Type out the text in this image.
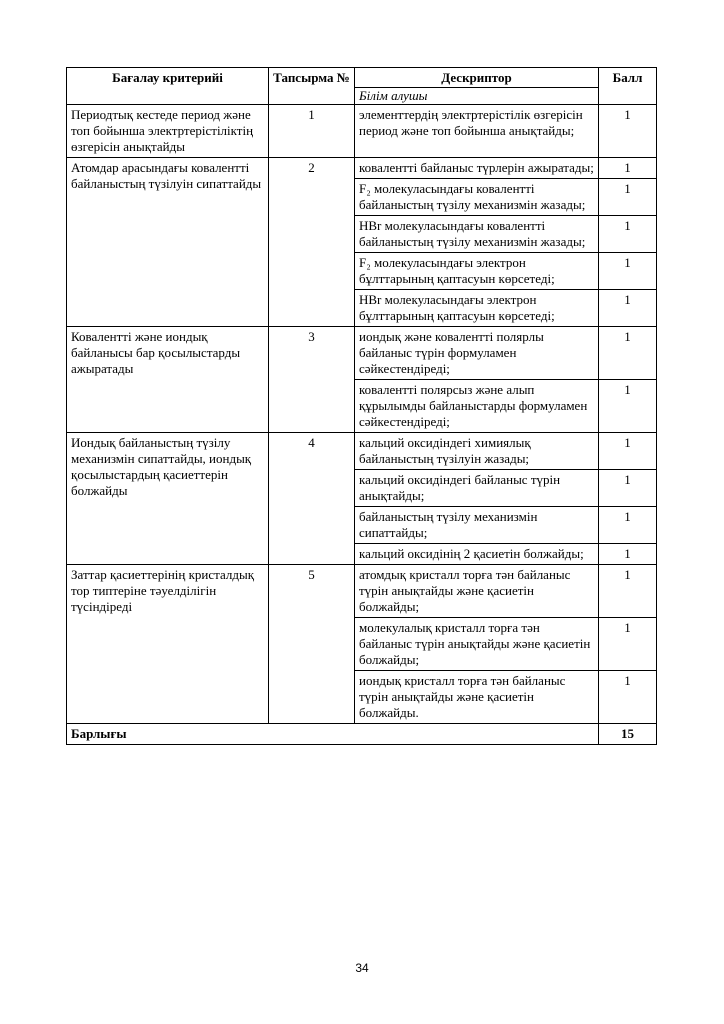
Бағалау критерийі	Тапсырма №	Дескриптор	Балл
		Білім алушы	
Периодтық кестеде период және топ бойынша электртерістіліктің өзгерісін анықтайды	1	элементтердің электртерістілік өзгерісін период және топ бойынша анықтайды;	1
Атомдар арасындағы ковалентті байланыстың түзілуін сипаттайды	2	ковалентті байланыс түрлерін ажыратады;	1
		F₂ молекуласындағы ковалентті байланыстың түзілу механизмін жазады;	1
		HBr молекуласындағы ковалентті байланыстың түзілу механизмін жазады;	1
		F₂ молекуласындағы электрон бұлттарының қаптасуын көрсетеді;	1
		HBr молекуласындағы электрон бұлттарының қаптасуын көрсетеді;	1
Ковалентті және иондық байланысы бар қосылыстарды ажыратады	3	иондық және ковалентті полярлы байланыс түрін формуламен сәйкестендіреді;	1
		ковалентті полярсыз және алып құрылымды байланыстарды формуламен сәйкестендіреді;	1
Иондық байланыстың түзілу механизмін сипаттайды, иондық қосылыстардың қасиеттерін болжайды	4	кальций оксидіндегі химиялық байланыстың түзілуін жазады;	1
		кальций оксидіндегі байланыс түрін анықтайды;	1
		байланыстың түзілу механизмін сипаттайды;	1
		кальций оксидінің 2 қасиетін болжайды;	1
Заттар қасиеттерінің кристалдық тор типтеріне тәуелділігін түсіндіреді	5	атомдық кристалл торға тән байланыс түрін анықтайды және қасиетін болжайды;	1
		молекулалық кристалл торға тән байланыс түрін анықтайды және қасиетін болжайды;	1
		иондық кристалл торға тән байланыс түрін анықтайды және қасиетін болжайды.	1
Барлығы			15
34
